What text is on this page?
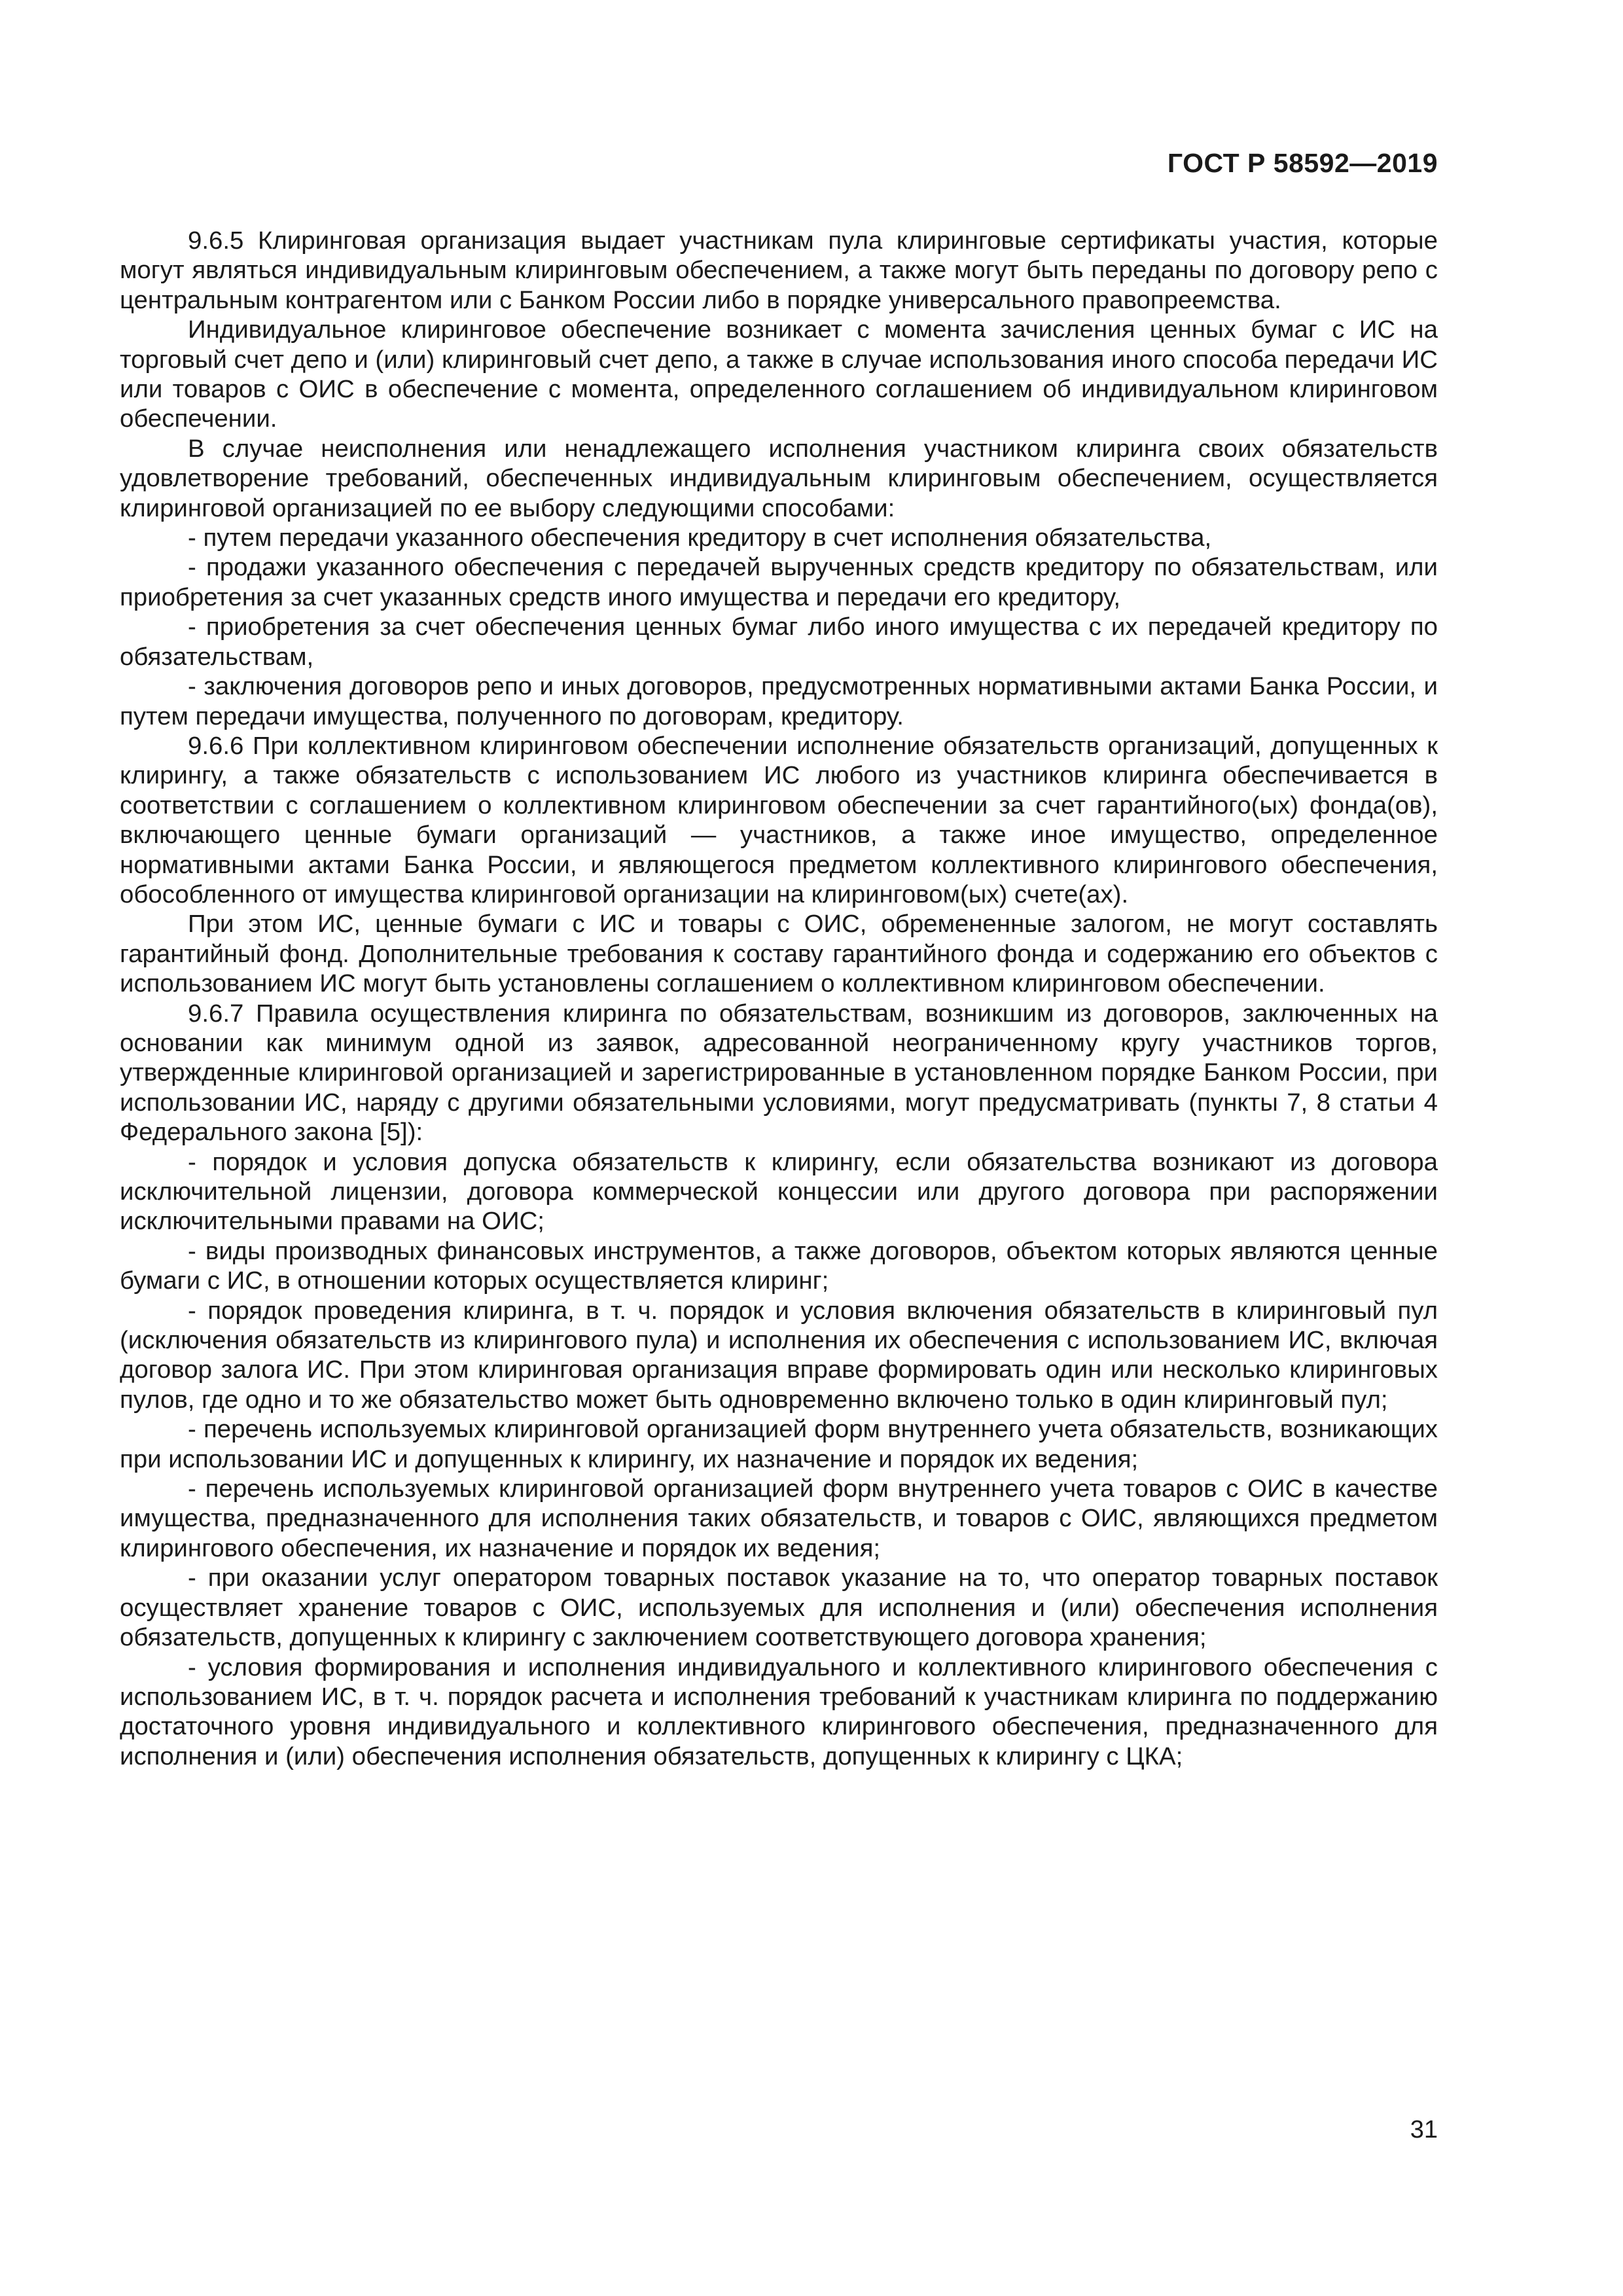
ГОСТ Р 58592—2019

9.6.5 Клиринговая организация выдает участникам пула клиринговые сертификаты участия, которые могут являться индивидуальным клиринговым обеспечением, а также могут быть переданы по договору репо с центральным контрагентом или с Банком России либо в порядке универсального правопреемства.

Индивидуальное клиринговое обеспечение возникает с момента зачисления ценных бумаг с ИС на торговый счет депо и (или) клиринговый счет депо, а также в случае использования иного способа передачи ИС или товаров с ОИС в обеспечение с момента, определенного соглашением об индивидуальном клиринговом обеспечении.

В случае неисполнения или ненадлежащего исполнения участником клиринга своих обязательств удовлетворение требований, обеспеченных индивидуальным клиринговым обеспечением, осуществляется клиринговой организацией по ее выбору следующими способами:

- путем передачи указанного обеспечения кредитору в счет исполнения обязательства,

- продажи указанного обеспечения с передачей вырученных средств кредитору по обязательствам, или приобретения за счет указанных средств иного имущества и передачи его кредитору,

- приобретения за счет обеспечения ценных бумаг либо иного имущества с их передачей кредитору по обязательствам,

- заключения договоров репо и иных договоров, предусмотренных нормативными актами Банка России, и путем передачи имущества, полученного по договорам, кредитору.

9.6.6 При коллективном клиринговом обеспечении исполнение обязательств организаций, допущенных к клирингу, а также обязательств с использованием ИС любого из участников клиринга обеспечивается в соответствии с соглашением о коллективном клиринговом обеспечении за счет гарантийного(ых) фонда(ов), включающего ценные бумаги организаций — участников, а также иное имущество, определенное нормативными актами Банка России, и являющегося предметом коллективного клирингового обеспечения, обособленного от имущества клиринговой организации на клиринговом(ых) счете(ах).

При этом ИС, ценные бумаги с ИС и товары с ОИС, обремененные залогом, не могут составлять гарантийный фонд. Дополнительные требования к составу гарантийного фонда и содержанию его объектов с использованием ИС могут быть установлены соглашением о коллективном клиринговом обеспечении.

9.6.7 Правила осуществления клиринга по обязательствам, возникшим из договоров, заключенных на основании как минимум одной из заявок, адресованной неограниченному кругу участников торгов, утвержденные клиринговой организацией и зарегистрированные в установленном порядке Банком России, при использовании ИС, наряду с другими обязательными условиями, могут предусматривать (пункты 7, 8 статьи 4 Федерального закона [5]):

- порядок и условия допуска обязательств к клирингу, если обязательства возникают из договора исключительной лицензии, договора коммерческой концессии или другого договора при распоряжении исключительными правами на ОИС;

- виды производных финансовых инструментов, а также договоров, объектом которых являются ценные бумаги с ИС, в отношении которых осуществляется клиринг;

- порядок проведения клиринга, в т. ч. порядок и условия включения обязательств в клиринговый пул (исключения обязательств из клирингового пула) и исполнения их обеспечения с использованием ИС, включая договор залога ИС. При этом клиринговая организация вправе формировать один или несколько клиринговых пулов, где одно и то же обязательство может быть одновременно включено только в один клиринговый пул;

- перечень используемых клиринговой организацией форм внутреннего учета обязательств, возникающих при использовании ИС и допущенных к клирингу, их назначение и порядок их ведения;

- перечень используемых клиринговой организацией форм внутреннего учета товаров с ОИС в качестве имущества, предназначенного для исполнения таких обязательств, и товаров с ОИС, являющихся предметом клирингового обеспечения, их назначение и порядок их ведения;

- при оказании услуг оператором товарных поставок указание на то, что оператор товарных поставок осуществляет хранение товаров с ОИС, используемых для исполнения и (или) обеспечения исполнения обязательств, допущенных к клирингу с заключением соответствующего договора хранения;

- условия формирования и исполнения индивидуального и коллективного клирингового обеспечения с использованием ИС, в т. ч. порядок расчета и исполнения требований к участникам клиринга по поддержанию достаточного уровня индивидуального и коллективного клирингового обеспечения, предназначенного для исполнения и (или) обеспечения исполнения обязательств, допущенных к клирингу с ЦКА;

31
